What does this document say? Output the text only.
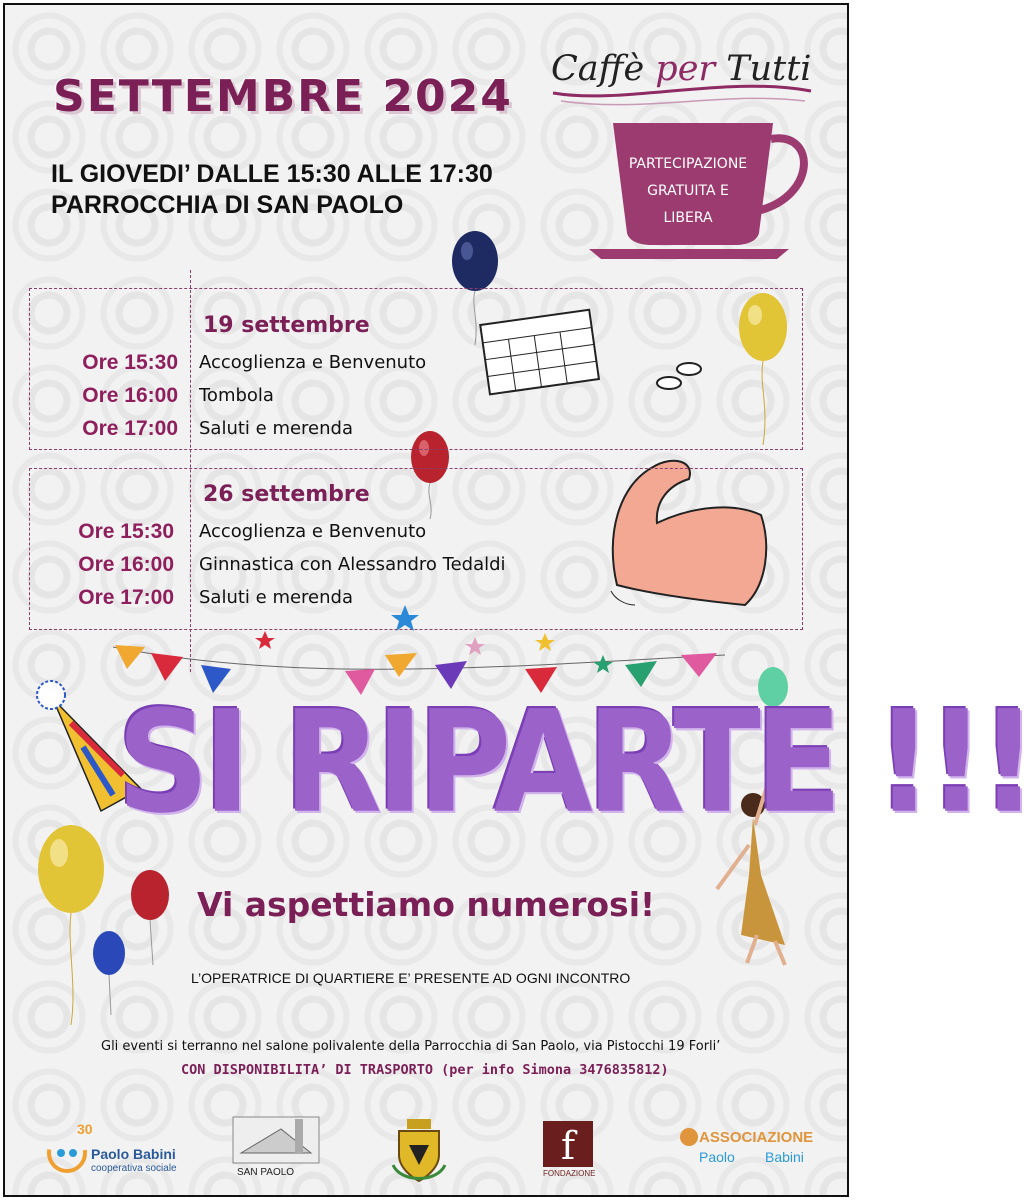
f
SETTEMBRE 2024
Caffè per Tutti
PARTECIPAZIONE
GRATUITA E
LIBERA
IL GIOVEDI’ DALLE 15:30 ALLE 17:30
PARROCCHIA DI SAN PAOLO
19 settembre
Ore 15:30 Accoglienza e Benvenuto
Ore 16:00 Tombola
Ore 17:00 Saluti e merenda
26 settembre
Ore 15:30 Accoglienza e Benvenuto
Ore 16:00 Ginnastica con Alessandro Tedaldi
Ore 17:00 Saluti e merenda
SI RIPARTE !!!
Vi aspettiamo numerosi!
L’OPERATRICE DI QUARTIERE E’ PRESENTE AD OGNI INCONTRO
Gli eventi si terranno nel salone polivalente della Parrocchia di San Paolo, via Pistocchi 19 Forli’
CON DISPONIBILITA’ DI TRASPORTO (per info Simona 3476835812)
30
Paolo Babini
cooperativa sociale	SAN PAOLO	FONDAZIONE
ASSOCIAZIONE
Paolo Babini
